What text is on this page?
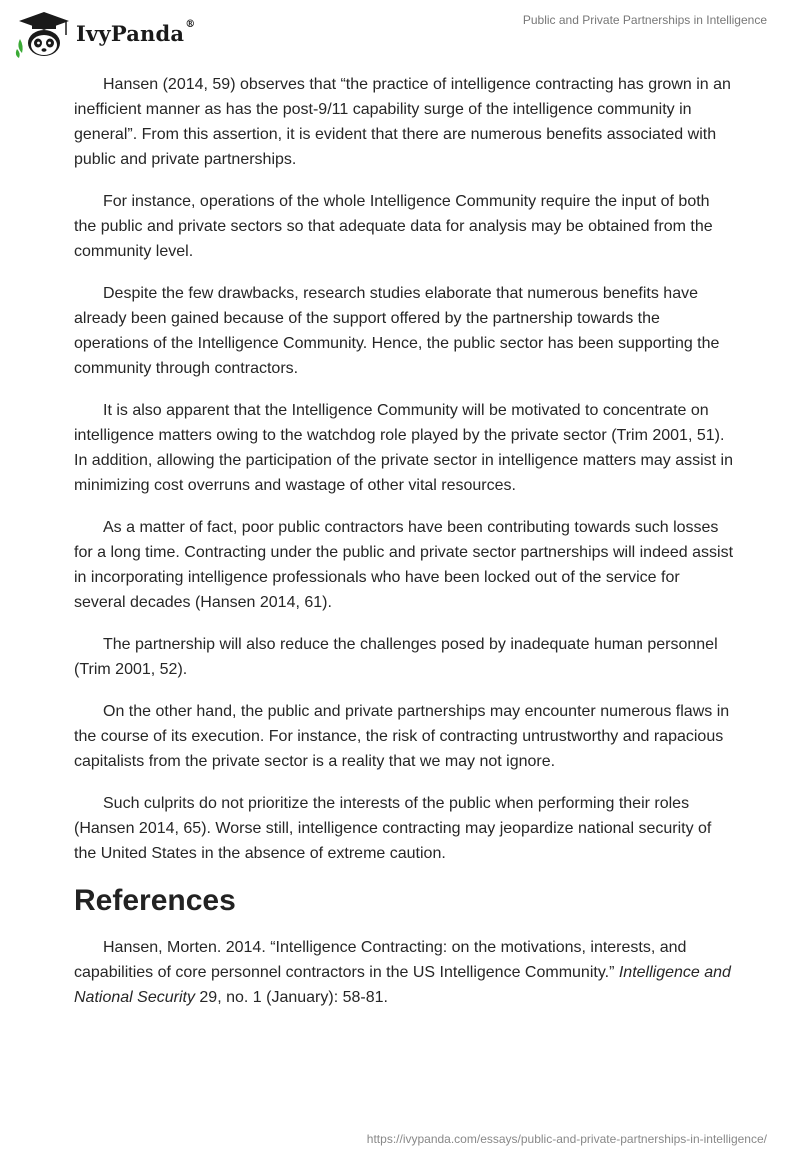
IvyPanda®	Public and Private Partnerships in Intelligence

Hansen (2014, 59) observes that “the practice of intelligence contracting has grown in an inefficient manner as has the post-9/11 capability surge of the intelligence community in general”. From this assertion, it is evident that there are numerous benefits associated with public and private partnerships.

For instance, operations of the whole Intelligence Community require the input of both the public and private sectors so that adequate data for analysis may be obtained from the community level.

Despite the few drawbacks, research studies elaborate that numerous benefits have already been gained because of the support offered by the partnership towards the operations of the Intelligence Community. Hence, the public sector has been supporting the community through contractors.

It is also apparent that the Intelligence Community will be motivated to concentrate on intelligence matters owing to the watchdog role played by the private sector (Trim 2001, 51). In addition, allowing the participation of the private sector in intelligence matters may assist in minimizing cost overruns and wastage of other vital resources.

As a matter of fact, poor public contractors have been contributing towards such losses for a long time. Contracting under the public and private sector partnerships will indeed assist in incorporating intelligence professionals who have been locked out of the service for several decades (Hansen 2014, 61).

The partnership will also reduce the challenges posed by inadequate human personnel (Trim 2001, 52).

On the other hand, the public and private partnerships may encounter numerous flaws in the course of its execution. For instance, the risk of contracting untrustworthy and rapacious capitalists from the private sector is a reality that we may not ignore.

Such culprits do not prioritize the interests of the public when performing their roles (Hansen 2014, 65). Worse still, intelligence contracting may jeopardize national security of the United States in the absence of extreme caution.

References

Hansen, Morten. 2014. “Intelligence Contracting: on the motivations, interests, and capabilities of core personnel contractors in the US Intelligence Community.” Intelligence and National Security 29, no. 1 (January): 58-81.

https://ivypanda.com/essays/public-and-private-partnerships-in-intelligence/
